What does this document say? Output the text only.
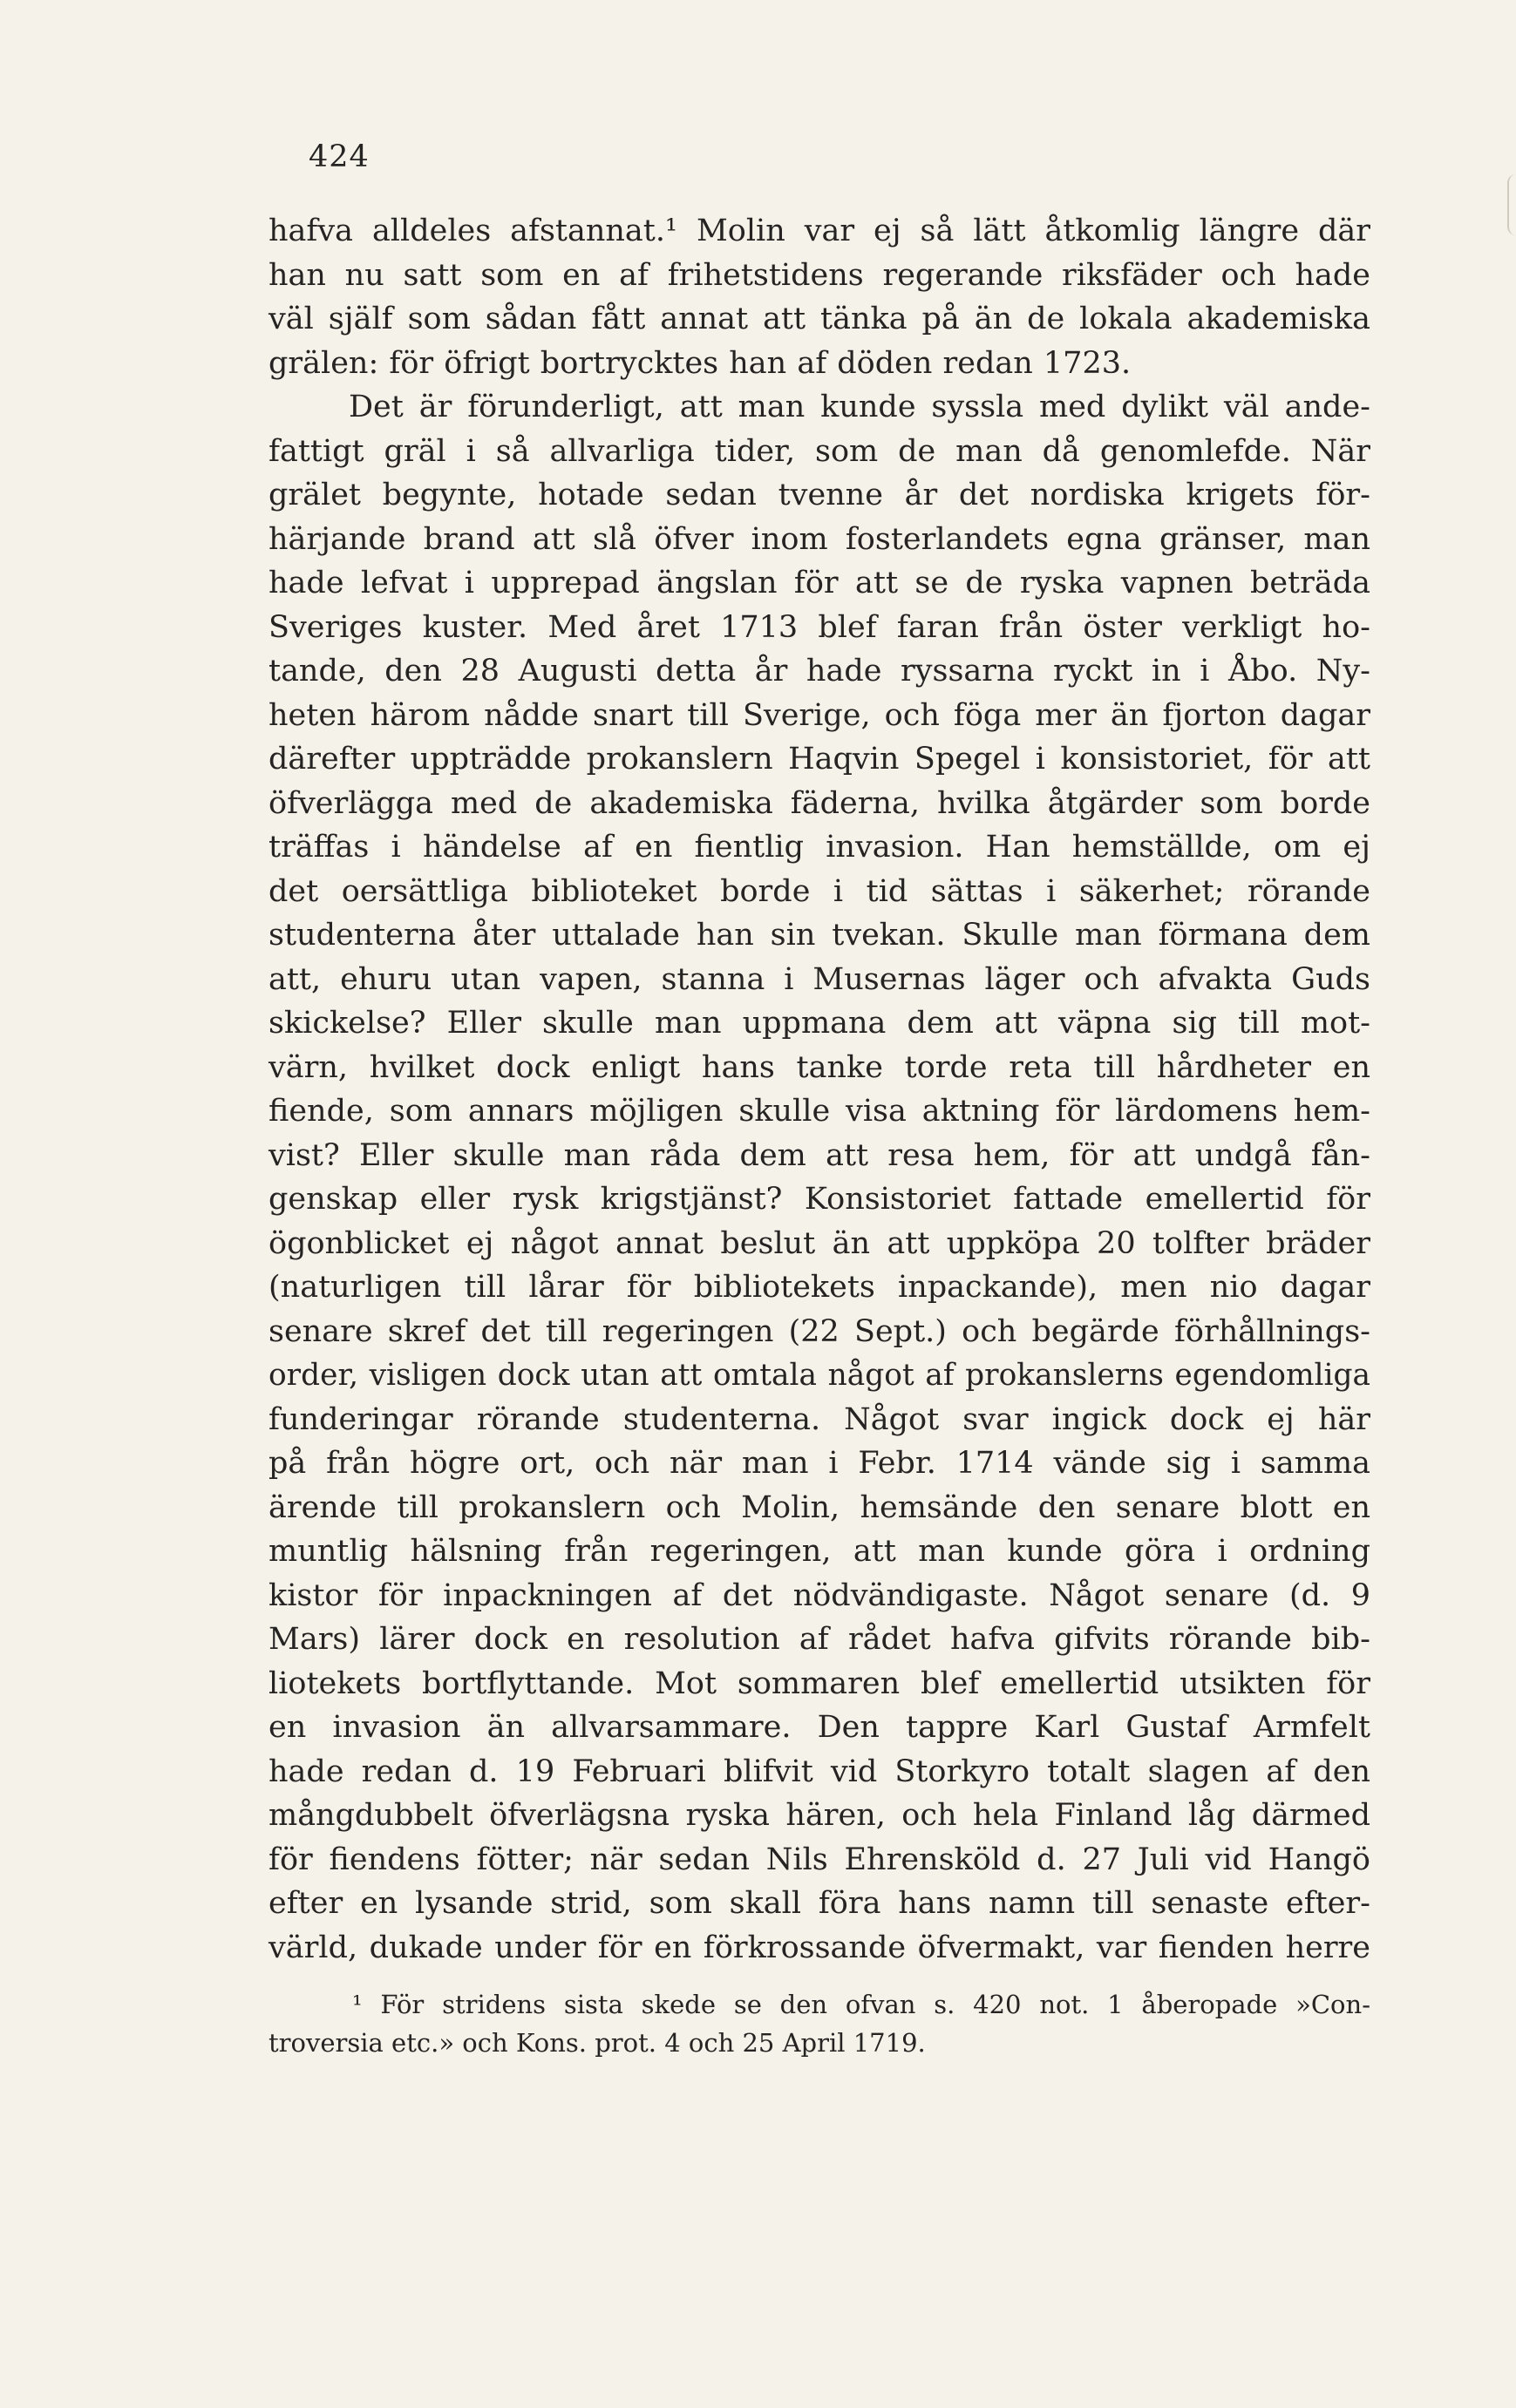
424
hafva alldeles afstannat.¹ Molin var ej så lätt åtkomlig längre där
han nu satt som en af frihetstidens regerande riksfäder och hade
väl själf som sådan fått annat att tänka på än de lokala akademiska
grälen: för öfrigt bortrycktes han af döden redan 1723.
Det är förunderligt, att man kunde syssla med dylikt väl ande-
fattigt gräl i så allvarliga tider, som de man då genomlefde. När
grälet begynte, hotade sedan tvenne år det nordiska krigets för-
härjande brand att slå öfver inom fosterlandets egna gränser, man
hade lefvat i upprepad ängslan för att se de ryska vapnen beträda
Sveriges kuster. Med året 1713 blef faran från öster verkligt ho-
tande, den 28 Augusti detta år hade ryssarna ryckt in i Åbo. Ny-
heten härom nådde snart till Sverige, och föga mer än fjorton dagar
därefter uppträdde prokanslern Haqvin Spegel i konsistoriet, för att
öfverlägga med de akademiska fäderna, hvilka åtgärder som borde
träffas i händelse af en fientlig invasion. Han hemställde, om ej
det oersättliga biblioteket borde i tid sättas i säkerhet; rörande
studenterna åter uttalade han sin tvekan. Skulle man förmana dem
att, ehuru utan vapen, stanna i Musernas läger och afvakta Guds
skickelse? Eller skulle man uppmana dem att väpna sig till mot-
värn, hvilket dock enligt hans tanke torde reta till hårdheter en
fiende, som annars möjligen skulle visa aktning för lärdomens hem-
vist? Eller skulle man råda dem att resa hem, för att undgå fån-
genskap eller rysk krigstjänst? Konsistoriet fattade emellertid för
ögonblicket ej något annat beslut än att uppköpa 20 tolfter bräder
(naturligen till lårar för bibliotekets inpackande), men nio dagar
senare skref det till regeringen (22 Sept.) och begärde förhållnings-
order, visligen dock utan att omtala något af prokanslerns egendomliga
funderingar rörande studenterna. Något svar ingick dock ej här
på från högre ort, och när man i Febr. 1714 vände sig i samma
ärende till prokanslern och Molin, hemsände den senare blott en
muntlig hälsning från regeringen, att man kunde göra i ordning
kistor för inpackningen af det nödvändigaste. Något senare (d. 9
Mars) lärer dock en resolution af rådet hafva gifvits rörande bib-
liotekets bortflyttande. Mot sommaren blef emellertid utsikten för
en invasion än allvarsammare. Den tappre Karl Gustaf Armfelt
hade redan d. 19 Februari blifvit vid Storkyro totalt slagen af den
mångdubbelt öfverlägsna ryska hären, och hela Finland låg därmed
för fiendens fötter; när sedan Nils Ehrensköld d. 27 Juli vid Hangö
efter en lysande strid, som skall föra hans namn till senaste efter-
värld, dukade under för en förkrossande öfvermakt, var fienden herre
¹ För stridens sista skede se den ofvan s. 420 not. 1 åberopade »Con-
troversia etc.» och Kons. prot. 4 och 25 April 1719.
